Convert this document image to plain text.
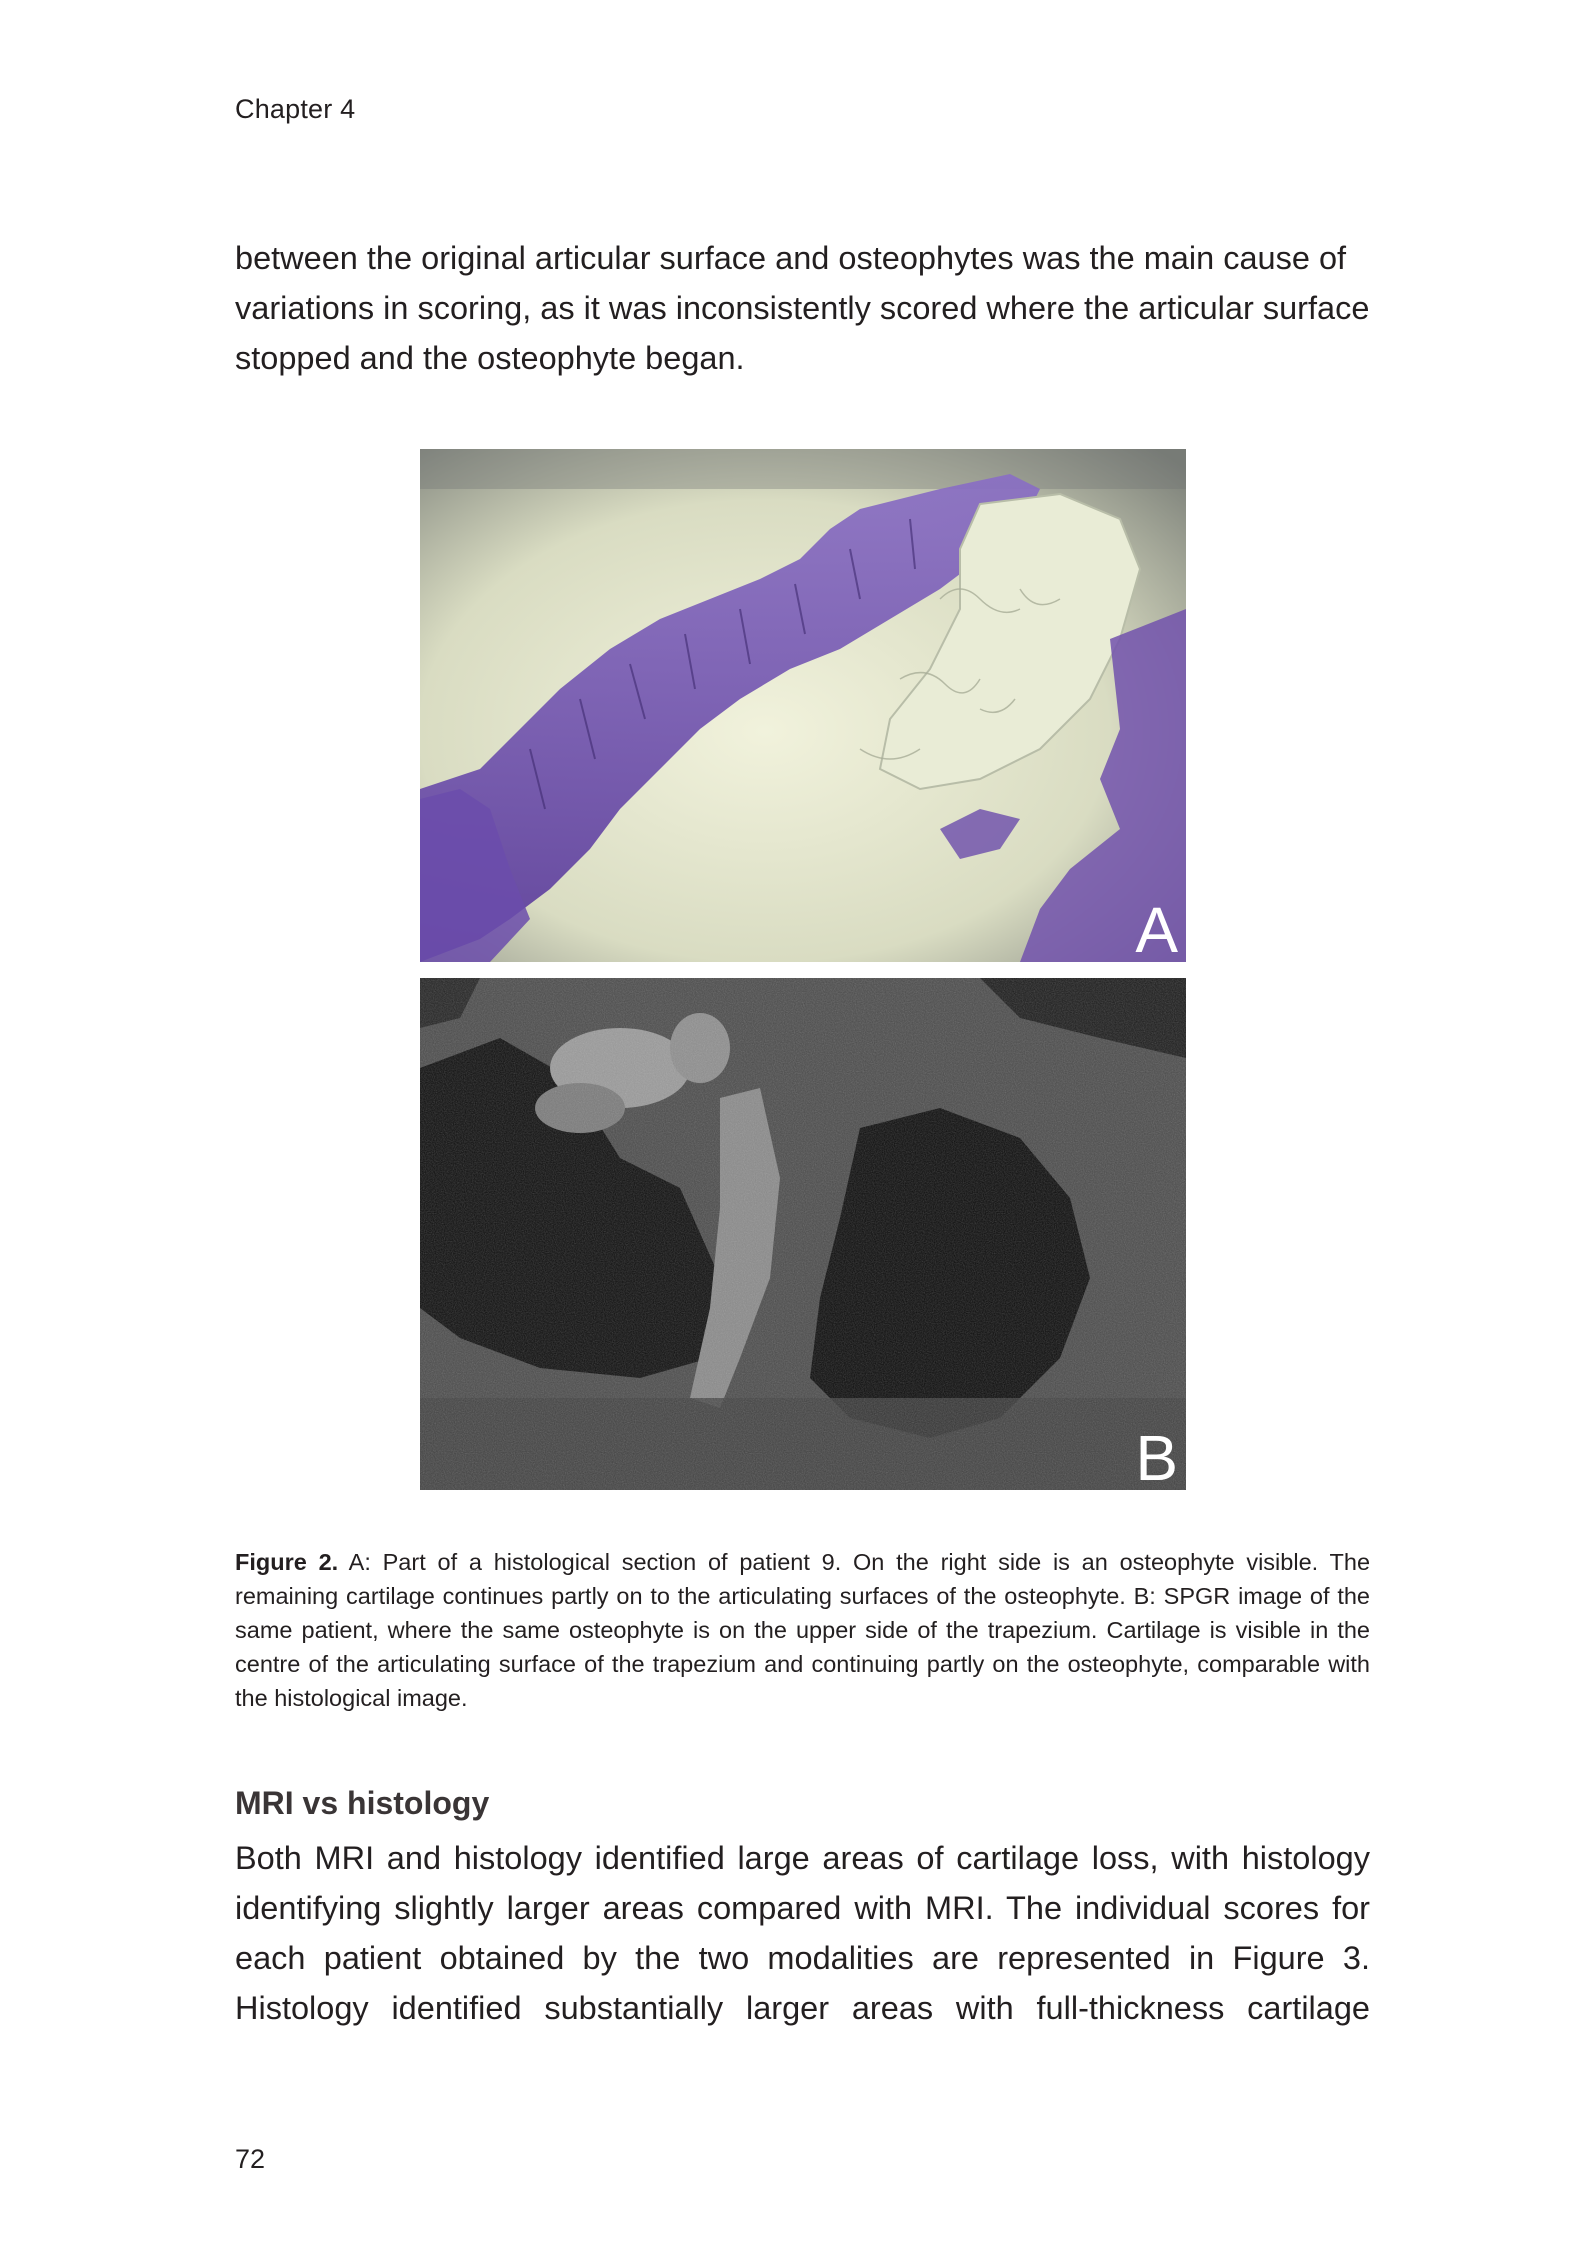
Chapter 4

between the original articular surface and osteophytes was the main cause of variations in scoring, as it was inconsistently scored where the articular surface stopped and the osteophyte began.

A
B

Figure 2. A: Part of a histological section of patient 9. On the right side is an osteophyte visible. The remaining cartilage continues partly on to the articulating surfaces of the osteophyte. B: SPGR image of the same patient, where the same osteophyte is on the upper side of the trapezium. Cartilage is visible in the centre of the articulating surface of the trapezium and continuing partly on the osteophyte, comparable with the histological image.

MRI vs histology

Both MRI and histology identified large areas of cartilage loss, with histology identifying slightly larger areas compared with MRI. The individual scores for each patient obtained by the two modalities are represented in Figure 3. Histology identified substantially larger areas with full-thickness cartilage

72
